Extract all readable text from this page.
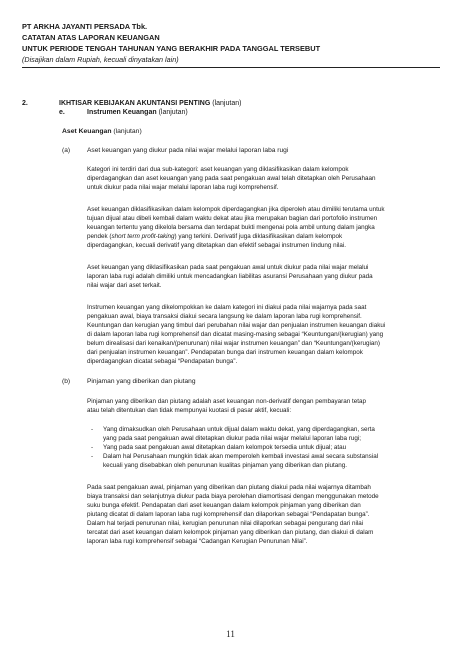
PT ARKHA JAYANTI PERSADA Tbk.
CATATAN ATAS LAPORAN KEUANGAN
UNTUK PERIODE TENGAH TAHUNAN YANG BERAKHIR PADA TANGGAL TERSEBUT
(Disajikan dalam Rupiah, kecuali dinyatakan lain)
2.	IKHTISAR KEBIJAKAN AKUNTANSI PENTING (lanjutan)
e.	Instrumen Keuangan (lanjutan)
Aset Keuangan (lanjutan)
(a)	Aset keuangan yang diukur pada nilai wajar melalui laporan laba rugi
Kategori ini terdiri dari dua sub-kategori: aset keuangan yang diklasifikasikan dalam kelompok
diperdagangkan dan aset keuangan yang pada saat pengakuan awal telah ditetapkan oleh Perusahaan
untuk diukur pada nilai wajar melalui laporan laba rugi komprehensif.
Aset keuangan diklasifikasikan dalam kelompok diperdagangkan jika diperoleh atau dimiliki terutama untuk
tujuan dijual atau dibeli kembali dalam waktu dekat atau jika merupakan bagian dari portofolio instrumen
keuangan tertentu yang dikelola bersama dan terdapat bukti mengenai pola ambil untung dalam jangka
pendek (short term profit-taking) yang terkini. Derivatif juga diklasifikasikan dalam kelompok
diperdagangkan, kecuali derivatif yang ditetapkan dan efektif sebagai instrumen lindung nilai.
Aset keuangan yang diklasifikasikan pada saat pengakuan awal untuk diukur pada nilai wajar melalui
laporan laba rugi adalah dimiliki untuk mencadangkan liabilitas asuransi Perusahaan yang diukur pada
nilai wajar dari aset terkait.
Instrumen keuangan yang dikelompokkan ke dalam kategori ini diakui pada nilai wajarnya pada saat
pengakuan awal, biaya transaksi diakui secara langsung ke dalam laporan laba rugi komprehensif.
Keuntungan dan kerugian yang timbul dari perubahan nilai wajar dan penjualan instrumen keuangan diakui
di dalam laporan laba rugi komprehensif dan dicatat masing-masing sebagai “Keuntungan/(kerugian) yang
belum direalisasi dari kenaikan/(penurunan) nilai wajar instrumen keuangan” dan “Keuntungan/(kerugian)
dari penjualan instrumen keuangan”. Pendapatan bunga dari instrumen keuangan dalam kelompok
diperdagangkan dicatat sebagai “Pendapatan bunga”.
(b)	Pinjaman yang diberikan dan piutang
Pinjaman yang diberikan dan piutang adalah aset keuangan non-derivatif dengan pembayaran tetap
atau telah ditentukan dan tidak mempunyai kuotasi di pasar aktif, kecuali:
- Yang dimaksudkan oleh Perusahaan untuk dijual dalam waktu dekat, yang diperdagangkan, serta
yang pada saat pengakuan awal ditetapkan diukur pada nilai wajar melalui laporan laba rugi;
- Yang pada saat pengakuan awal ditetapkan dalam kelompok tersedia untuk dijual; atau
- Dalam hal Perusahaan mungkin tidak akan memperoleh kembali investasi awal secara substansial
kecuali yang disebabkan oleh penurunan kualitas pinjaman yang diberikan dan piutang.
Pada saat pengakuan awal, pinjaman yang diberikan dan piutang diakui pada nilai wajarnya ditambah
biaya transaksi dan selanjutnya diukur pada biaya perolehan diamortisasi dengan menggunakan metode
suku bunga efektif. Pendapatan dari aset keuangan dalam kelompok pinjaman yang diberikan dan
piutang dicatat di dalam laporan laba rugi komprehensif dan dilaporkan sebagai “Pendapatan bunga”.
Dalam hal terjadi penurunan nilai, kerugian penurunan nilai dilaporkan sebagai pengurang dari nilai
tercatat dari aset keuangan dalam kelompok pinjaman yang diberikan dan piutang, dan diakui di dalam
laporan laba rugi komprehensif sebagai “Cadangan Kerugian Penurunan Nilai”.
11
